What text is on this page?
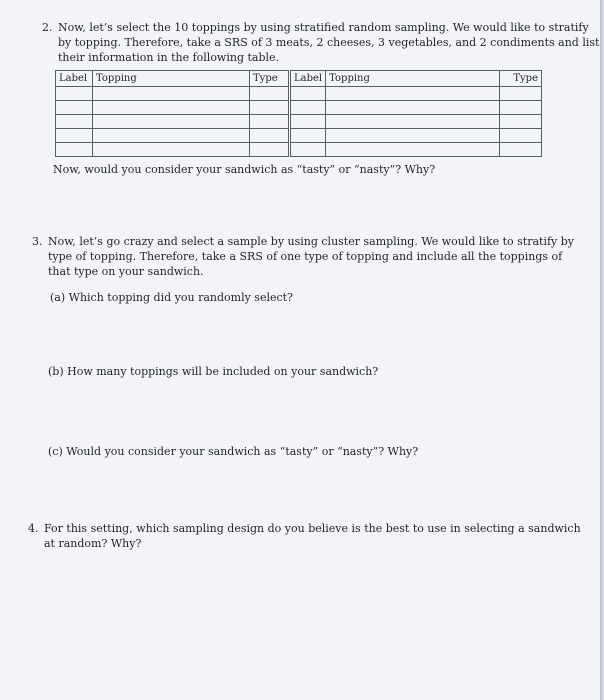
2. Now, let’s select the 10 toppings by using stratified random sampling. We would like to stratify
by topping. Therefore, take a SRS of 3 meats, 2 cheeses, 3 vegetables, and 2 condiments and list
their information in the following table.
Label	Topping	Type	Label	Topping	Type

Now, would you consider your sandwich as “tasty” or “nasty”? Why?
3. Now, let’s go crazy and select a sample by using cluster sampling. We would like to stratify by
type of topping. Therefore, take a SRS of one type of topping and include all the toppings of
that type on your sandwich.
(a) Which topping did you randomly select?
(b) How many toppings will be included on your sandwich?
(c) Would you consider your sandwich as “tasty” or “nasty”? Why?
4. For this setting, which sampling design do you believe is the best to use in selecting a sandwich
at random? Why?
